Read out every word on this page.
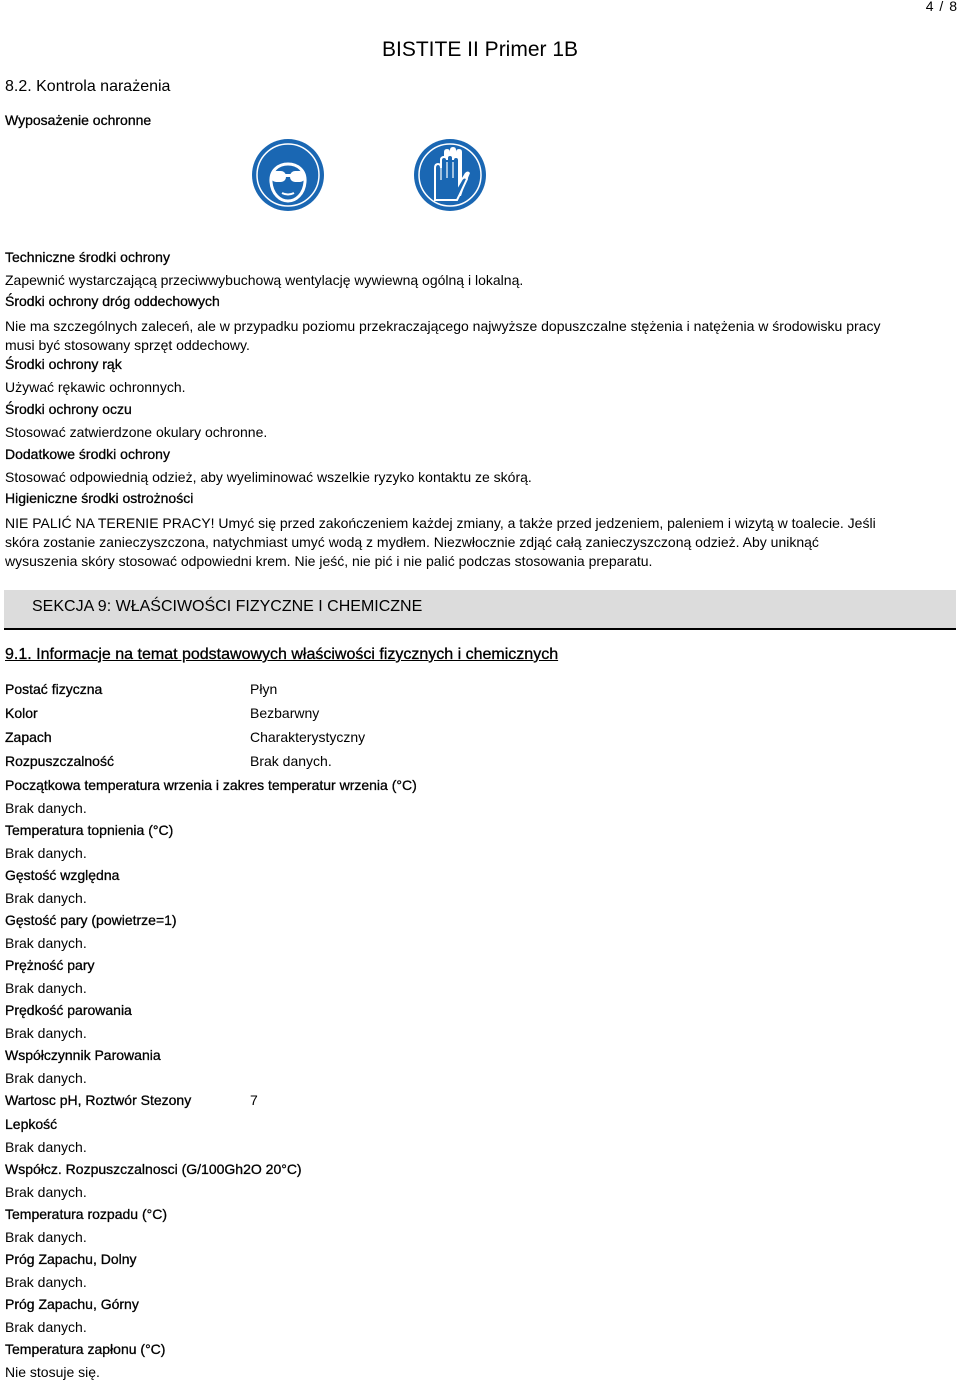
4 / 8
BISTITE II Primer 1B
8.2. Kontrola narażenia
Wyposażenie ochronne
Techniczne środki ochrony
Zapewnić wystarczającą przeciwwybuchową wentylację wywiewną ogólną i lokalną.
Środki ochrony dróg oddechowych
Nie ma szczególnych zaleceń, ale w przypadku poziomu przekraczającego najwyższe dopuszczalne stężenia i natężenia w środowisku pracy musi być stosowany sprzęt oddechowy.
Środki ochrony rąk
Używać rękawic ochronnych.
Środki ochrony oczu
Stosować zatwierdzone okulary ochronne.
Dodatkowe środki ochrony
Stosować odpowiednią odzież, aby wyeliminować wszelkie ryzyko kontaktu ze skórą.
Higieniczne środki ostrożności
NIE PALIĆ NA TERENIE PRACY! Umyć się przed zakończeniem każdej zmiany, a także przed jedzeniem, paleniem i wizytą w toalecie. Jeśli skóra zostanie zanieczyszczona, natychmiast umyć wodą z mydłem. Niezwłocznie zdjąć całą zanieczyszczoną odzież. Aby uniknąć wysuszenia skóry stosować odpowiedni krem. Nie jeść, nie pić i nie palić podczas stosowania preparatu.
SEKCJA 9: WŁAŚCIWOŚCI FIZYCZNE I CHEMICZNE
9.1. Informacje na temat podstawowych właściwości fizycznych i chemicznych
Postać fizyczna	Płyn
Kolor	Bezbarwny
Zapach	Charakterystyczny
Rozpuszczalność	Brak danych.
Początkowa temperatura wrzenia i zakres temperatur wrzenia (°C)
Brak danych.
Temperatura topnienia (°C)
Brak danych.
Gęstość względna
Brak danych.
Gęstość pary (powietrze=1)
Brak danych.
Prężność pary
Brak danych.
Prędkość parowania
Brak danych.
Współczynnik Parowania
Brak danych.
Wartosc pH, Roztwór Stezony	7
Lepkość
Brak danych.
Współcz. Rozpuszczalnosci (G/100Gh2O 20°C)
Brak danych.
Temperatura rozpadu (°C)
Brak danych.
Próg Zapachu, Dolny
Brak danych.
Próg Zapachu, Górny
Brak danych.
Temperatura zapłonu (°C)
Nie stosuje się.
